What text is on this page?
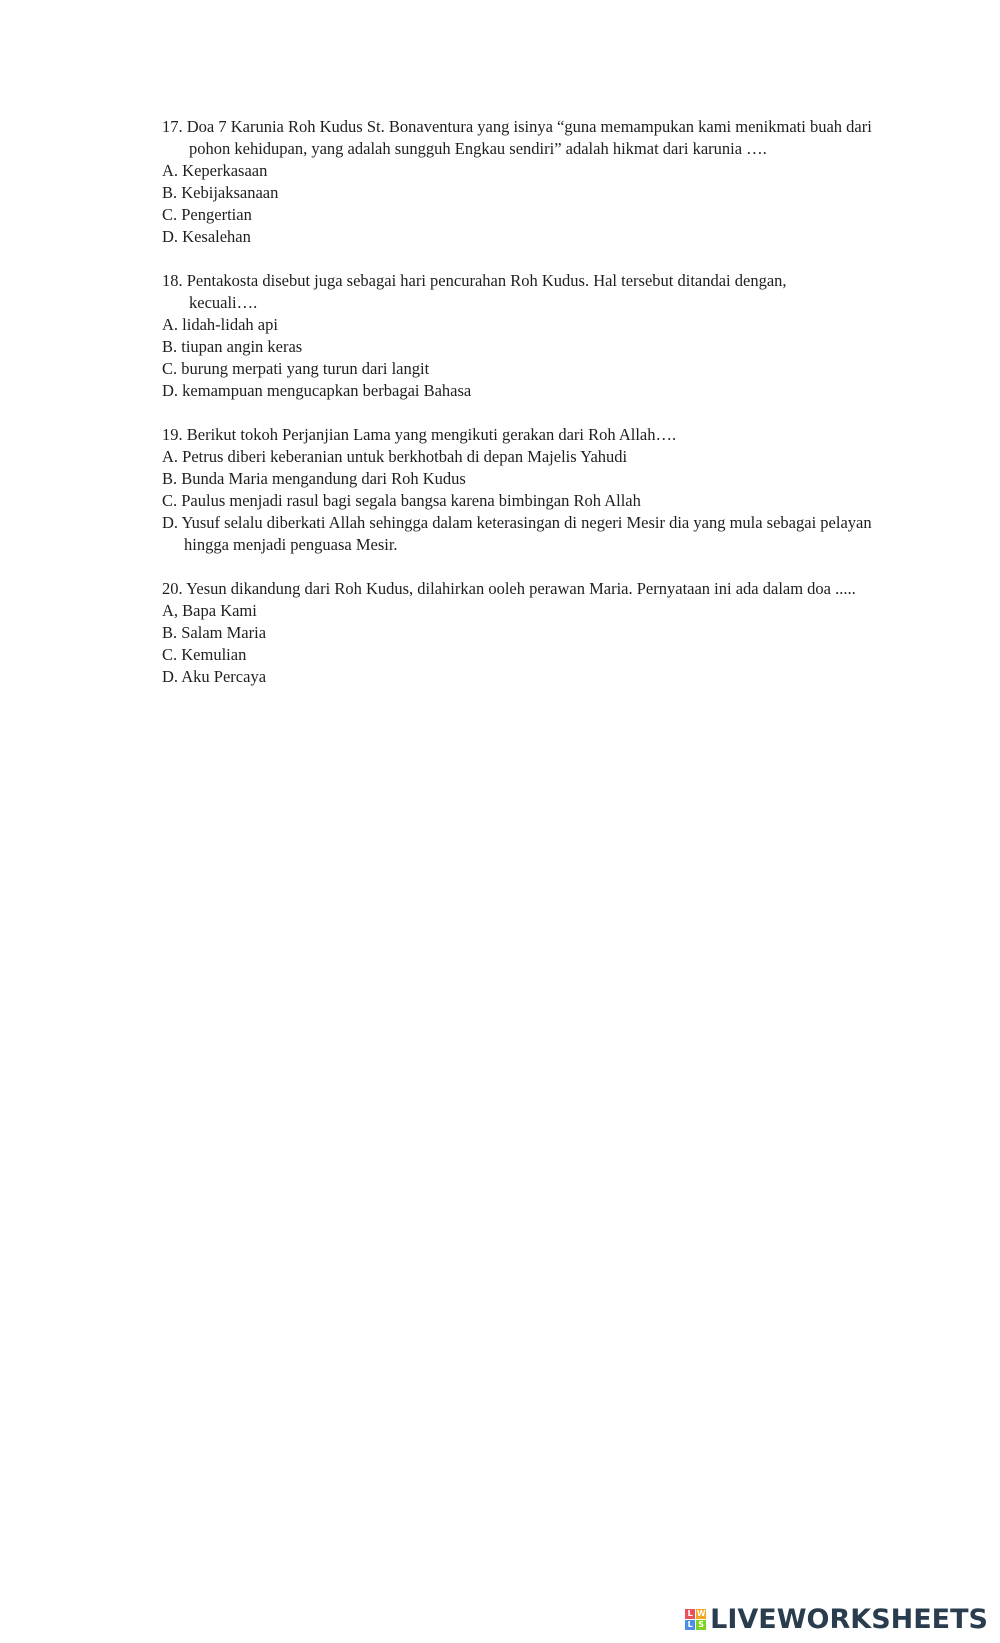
17. Doa 7 Karunia Roh Kudus St. Bonaventura yang isinya “guna memampukan kami menikmati buah dari pohon kehidupan, yang adalah sungguh Engkau sendiri” adalah hikmat dari karunia ….
A. Keperkasaan
B. Kebijaksanaan
C. Pengertian
D. Kesalehan
18. Pentakosta disebut juga sebagai hari pencurahan Roh Kudus. Hal tersebut ditandai dengan, kecuali….
A. lidah-lidah api
B. tiupan angin keras
C. burung merpati yang turun dari langit
D. kemampuan mengucapkan berbagai Bahasa
19. Berikut tokoh Perjanjian Lama yang mengikuti gerakan dari Roh Allah….
A. Petrus diberi keberanian untuk berkhotbah di depan Majelis Yahudi
B. Bunda Maria mengandung dari Roh Kudus
C. Paulus menjadi rasul bagi segala bangsa karena bimbingan Roh Allah
D. Yusuf selalu diberkati Allah sehingga dalam keterasingan di negeri Mesir dia yang mula sebagai pelayan hingga menjadi penguasa Mesir.
20. Yesun dikandung dari Roh Kudus, dilahirkan ooleh perawan Maria. Pernyataan ini ada dalam doa .....
A, Bapa Kami
B. Salam Maria
C. Kemulian
D. Aku Percaya
L W
L S LIVEWORKSHEETS
